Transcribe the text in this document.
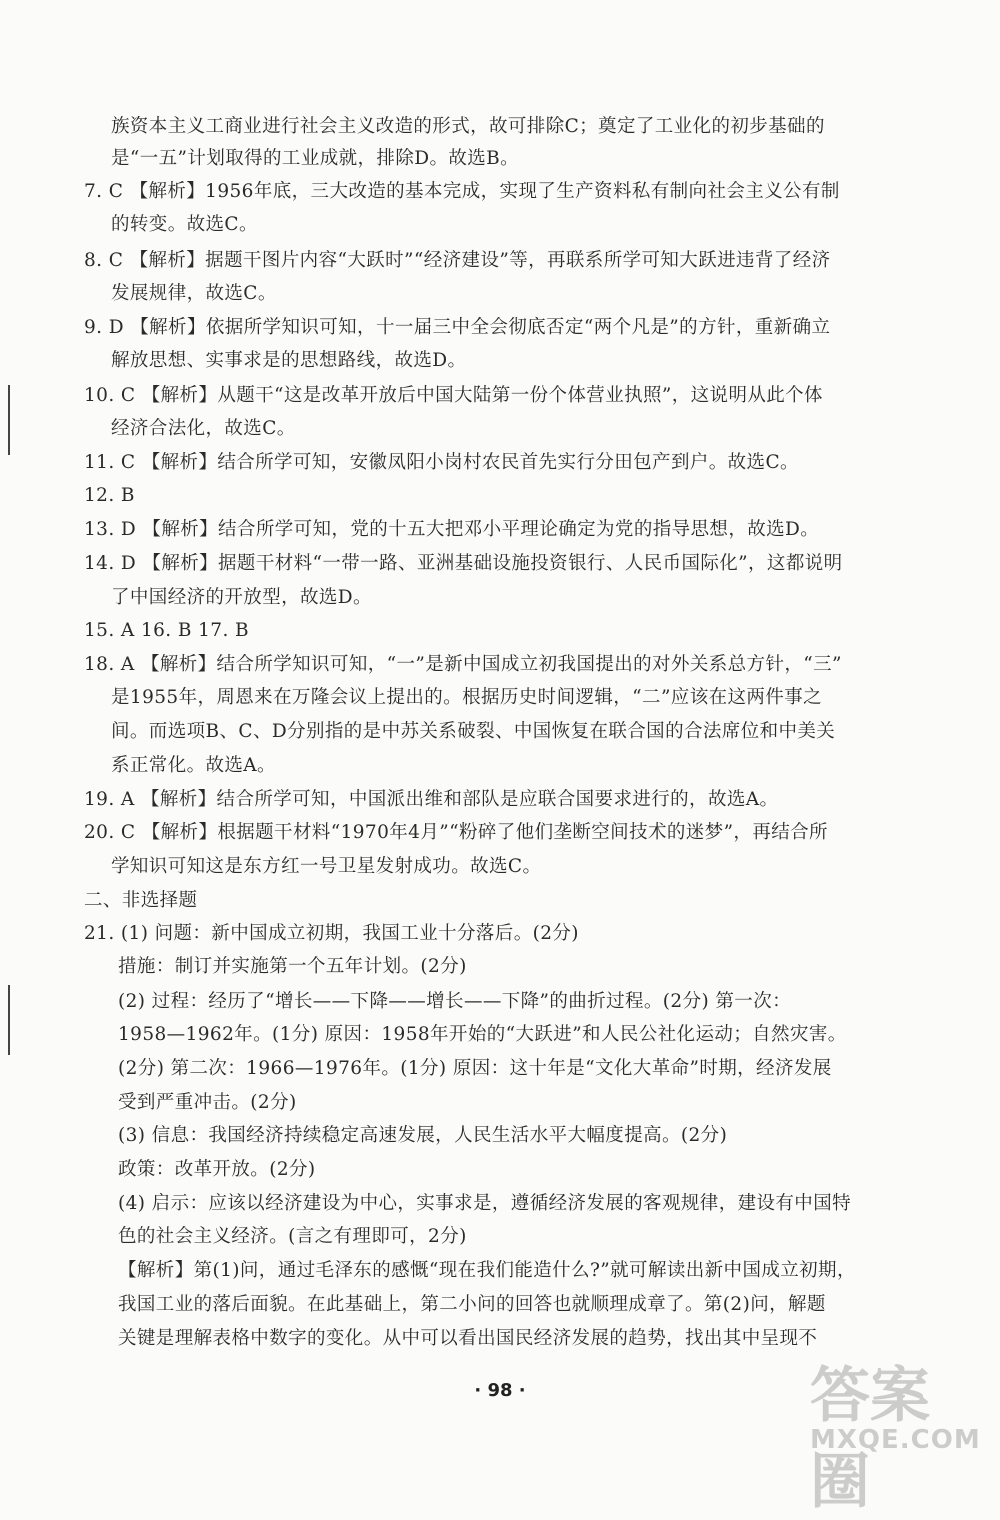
族资本主义工商业进行社会主义改造的形式，故可排除C；奠定了工业化的初步基础的
是“一五”计划取得的工业成就，排除D。故选B。
7. C 【解析】1956年底，三大改造的基本完成，实现了生产资料私有制向社会主义公有制
的转变。故选C。
8. C 【解析】据题干图片内容“大跃时”“经济建设”等，再联系所学可知大跃进违背了经济
发展规律，故选C。
9. D 【解析】依据所学知识可知，十一届三中全会彻底否定“两个凡是”的方针，重新确立
解放思想、实事求是的思想路线，故选D。
10. C 【解析】从题干“这是改革开放后中国大陆第一份个体营业执照”，这说明从此个体
经济合法化，故选C。
11. C 【解析】结合所学可知，安徽凤阳小岗村农民首先实行分田包产到户。故选C。
12. B
13. D 【解析】结合所学可知，党的十五大把邓小平理论确定为党的指导思想，故选D。
14. D 【解析】据题干材料“一带一路、亚洲基础设施投资银行、人民币国际化”，这都说明
了中国经济的开放型，故选D。
15. A 16. B 17. B
18. A 【解析】结合所学知识可知，“一”是新中国成立初我国提出的对外关系总方针，“三”
是1955年，周恩来在万隆会议上提出的。根据历史时间逻辑，“二”应该在这两件事之
间。而选项B、C、D分别指的是中苏关系破裂、中国恢复在联合国的合法席位和中美关
系正常化。故选A。
19. A 【解析】结合所学可知，中国派出维和部队是应联合国要求进行的，故选A。
20. C 【解析】根据题干材料“1970年4月”“粉碎了他们垄断空间技术的迷梦”，再结合所
学知识可知这是东方红一号卫星发射成功。故选C。
二、非选择题
21. (1) 问题：新中国成立初期，我国工业十分落后。(2分)
措施：制订并实施第一个五年计划。(2分)
(2) 过程：经历了“增长——下降——增长——下降”的曲折过程。(2分) 第一次：
1958—1962年。(1分) 原因：1958年开始的“大跃进”和人民公社化运动；自然灾害。
(2分) 第二次：1966—1976年。(1分) 原因：这十年是“文化大革命”时期，经济发展
受到严重冲击。(2分)
(3) 信息：我国经济持续稳定高速发展，人民生活水平大幅度提高。(2分)
政策：改革开放。(2分)
(4) 启示：应该以经济建设为中心，实事求是，遵循经济发展的客观规律，建设有中国特
色的社会主义经济。(言之有理即可，2分)
【解析】第(1)问，通过毛泽东的感慨“现在我们能造什么?”就可解读出新中国成立初期，
我国工业的落后面貌。在此基础上，第二小问的回答也就顺理成章了。第(2)问，解题
关键是理解表格中数字的变化。从中可以看出国民经济发展的趋势，找出其中呈现不
· 98 ·	答案圈
MXQE.COM
